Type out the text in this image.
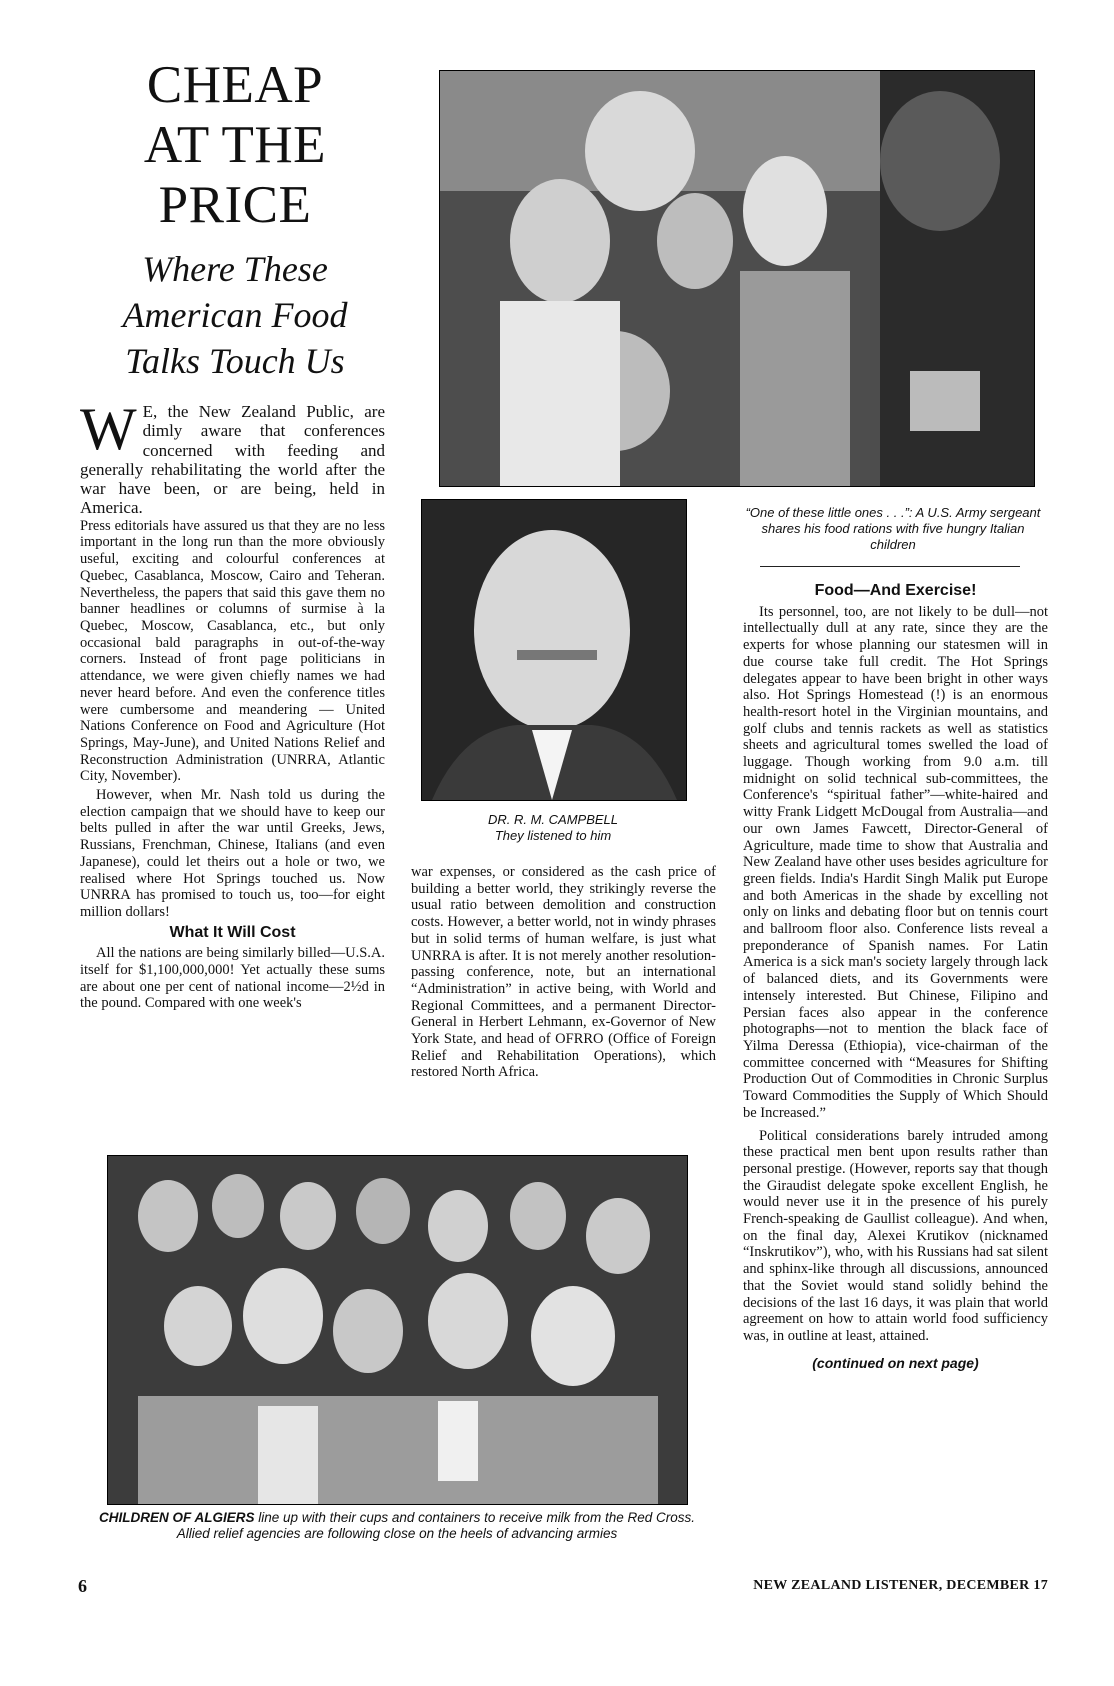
CHEAP
AT THE
PRICE
Where These
American Food
Talks Touch Us

W E, the New Zealand Public, are dimly aware that conferences concerned with feeding and generally rehabilitating the world after the war have been, or are being, held in America.

Press editorials have assured us that they are no less important in the long run than the more obviously useful, exciting and colourful conferences at Quebec, Casablanca, Moscow, Cairo and Teheran. Nevertheless, the papers that said this gave them no banner headlines or columns of surmise à la Quebec, Moscow, Casablanca, etc., but only occasional bald paragraphs in out-of-the-way corners. Instead of front page politicians in attendance, we were given chiefly names we had never heard before. And even the conference titles were cumbersome and meandering — United Nations Conference on Food and Agriculture (Hot Springs, May-June), and United Nations Relief and Reconstruction Administration (UNRRA, Atlantic City, November).

However, when Mr. Nash told us during the election campaign that we should have to keep our belts pulled in after the war until Greeks, Jews, Russians, Frenchman, Chinese, Italians (and even Japanese), could let theirs out a hole or two, we realised where Hot Springs touched us. Now UNRRA has promised to touch us, too—for eight million dollars!

What It Will Cost

All the nations are being similarly billed—U.S.A. itself for $1,100,000,000! Yet actually these sums are about one per cent of national income—2½d in the pound. Compared with one week's

“One of these little ones . . .”: A U.S. Army sergeant shares his food rations with five hungry Italian children
DR. R. M. CAMPBELL
They listened to him

war expenses, or considered as the cash price of building a better world, they strikingly reverse the usual ratio between demolition and construction costs. However, a better world, not in windy phrases but in solid terms of human welfare, is just what UNRRA is after. It is not merely another resolution-passing conference, note, but an international “Administration” in active being, with World and Regional Committees, and a permanent Director-General in Herbert Lehmann, ex-Governor of New York State, and head of OFRRO (Office of Foreign Relief and Rehabilitation Operations), which restored North Africa.

Food—And Exercise!

Its personnel, too, are not likely to be dull—not intellectually dull at any rate, since they are the experts for whose planning our statesmen will in due course take full credit. The Hot Springs delegates appear to have been bright in other ways also. Hot Springs Homestead (!) is an enormous health-resort hotel in the Virginian mountains, and golf clubs and tennis rackets as well as statistics sheets and agricultural tomes swelled the load of luggage. Though working from 9.0 a.m. till midnight on solid technical sub-committees, the Conference's “spiritual father”—white-haired and witty Frank Lidgett McDougal from Australia—and our own James Fawcett, Director-General of Agriculture, made time to show that Australia and New Zealand have other uses besides agriculture for green fields. India's Hardit Singh Malik put Europe and both Americas in the shade by excelling not only on links and debating floor but on tennis court and ballroom floor also. Conference lists reveal a preponderance of Spanish names. For Latin America is a sick man's society largely through lack of balanced diets, and its Governments were intensely interested. But Chinese, Filipino and Persian faces also appear in the conference photographs—not to mention the black face of Yilma Deressa (Ethiopia), vice-chairman of the committee concerned with “Measures for Shifting Production Out of Commodities in Chronic Surplus Toward Commodities the Supply of Which Should be Increased.”

Political considerations barely intruded among these practical men bent upon results rather than personal prestige. (However, reports say that though the Giraudist delegate spoke excellent English, he would never use it in the presence of his purely French-speaking de Gaullist colleague). And when, on the final day, Alexei Krutikov (nicknamed “Inskrutikov”), who, with his Russians had sat silent and sphinx-like through all discussions, announced that the Soviet would stand solidly behind the decisions of the last 16 days, it was plain that world agreement on how to attain world food sufficiency was, in outline at least, attained.

(continued on next page)
CHILDREN OF ALGIERS line up with their cups and containers to receive milk from the Red Cross. Allied relief agencies are following close on the heels of advancing armies
6	NEW ZEALAND LISTENER, DECEMBER 17
